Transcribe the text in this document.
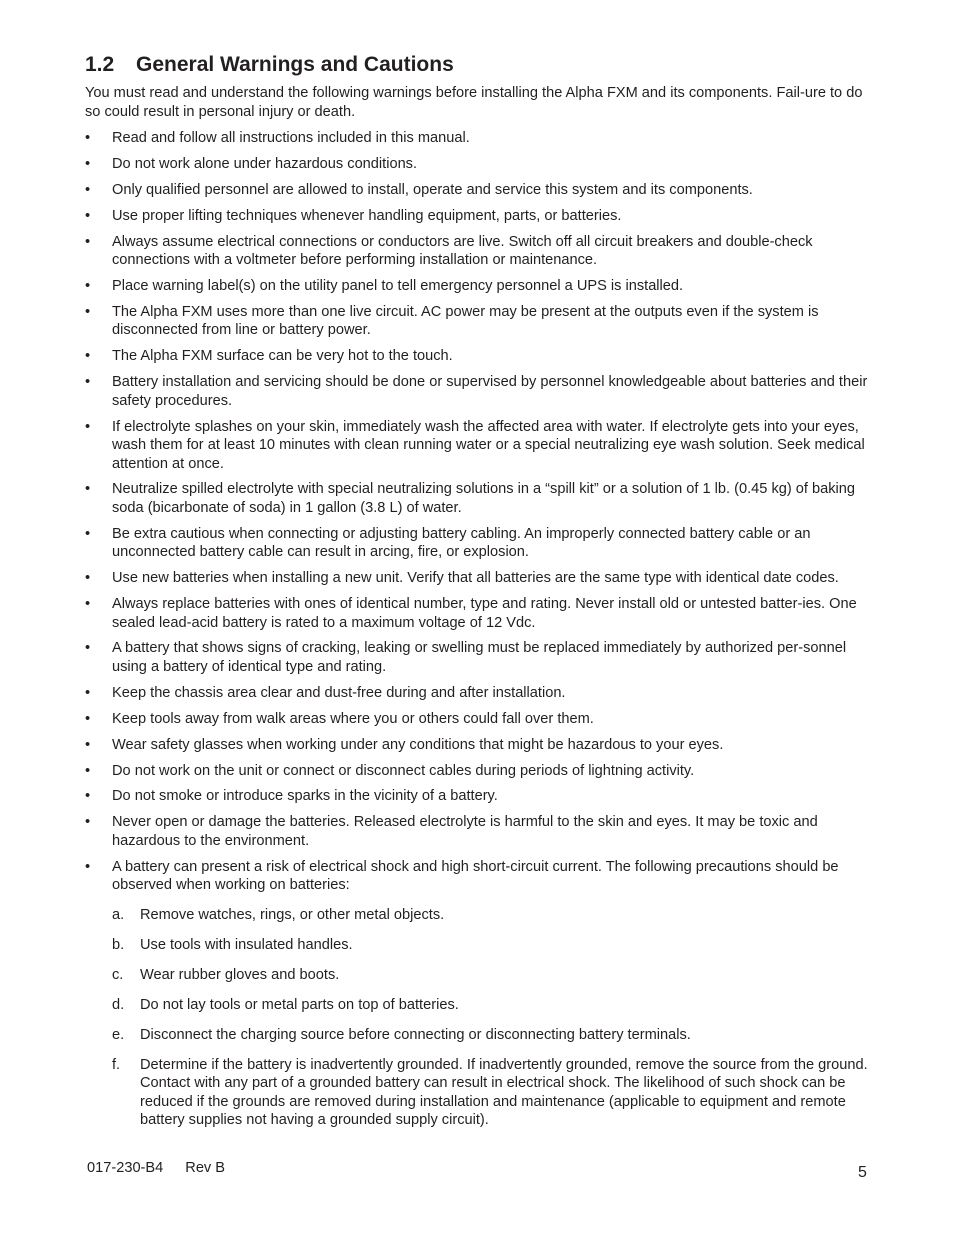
1.2	General Warnings and Cautions

You must read and understand the following warnings before installing the Alpha FXM and its components. Fail-ure to do so could result in personal injury or death.

• Read and follow all instructions included in this manual.
• Do not work alone under hazardous conditions.
• Only qualified personnel are allowed to install, operate and service this system and its components.
• Use proper lifting techniques whenever handling equipment, parts, or batteries.
• Always assume electrical connections or conductors are live. Switch off all circuit breakers and double-check connections with a voltmeter before performing installation or maintenance.
• Place warning label(s) on the utility panel to tell emergency personnel a UPS is installed.
• The Alpha FXM uses more than one live circuit. AC power may be present at the outputs even if the system is disconnected from line or battery power.
• The Alpha FXM surface can be very hot to the touch.
• Battery installation and servicing should be done or supervised by personnel knowledgeable about batteries and their safety procedures.
• If electrolyte splashes on your skin, immediately wash the affected area with water. If electrolyte gets into your eyes, wash them for at least 10 minutes with clean running water or a special neutralizing eye wash solution. Seek medical attention at once.
• Neutralize spilled electrolyte with special neutralizing solutions in a “spill kit” or a solution of 1 lb. (0.45 kg) of baking soda (bicarbonate of soda) in 1 gallon (3.8 L) of water.
• Be extra cautious when connecting or adjusting battery cabling. An improperly connected battery cable or an unconnected battery cable can result in arcing, fire, or explosion.
• Use new batteries when installing a new unit. Verify that all batteries are the same type with identical date codes.
• Always replace batteries with ones of identical number, type and rating. Never install old or untested batter-ies. One sealed lead-acid battery is rated to a maximum voltage of 12 Vdc.
• A battery that shows signs of cracking, leaking or swelling must be replaced immediately by authorized per-sonnel using a battery of identical type and rating.
• Keep the chassis area clear and dust-free during and after installation.
• Keep tools away from walk areas where you or others could fall over them.
• Wear safety glasses when working under any conditions that might be hazardous to your eyes.
• Do not work on the unit or connect or disconnect cables during periods of lightning activity.
• Do not smoke or introduce sparks in the vicinity of a battery.
• Never open or damage the batteries. Released electrolyte is harmful to the skin and eyes. It may be toxic and hazardous to the environment.
• A battery can present a risk of electrical shock and high short-circuit current. The following precautions should be observed when working on batteries:
a. Remove watches, rings, or other metal objects.
b. Use tools with insulated handles.
c. Wear rubber gloves and boots.
d. Do not lay tools or metal parts on top of batteries.
e. Disconnect the charging source before connecting or disconnecting battery terminals.
f. Determine if the battery is inadvertently grounded. If inadvertently grounded, remove the source from the ground. Contact with any part of a grounded battery can result in electrical shock. The likelihood of such shock can be reduced if the grounds are removed during installation and maintenance (applicable to equipment and remote battery supplies not having a grounded supply circuit).
017-230-B4 Rev B	5
